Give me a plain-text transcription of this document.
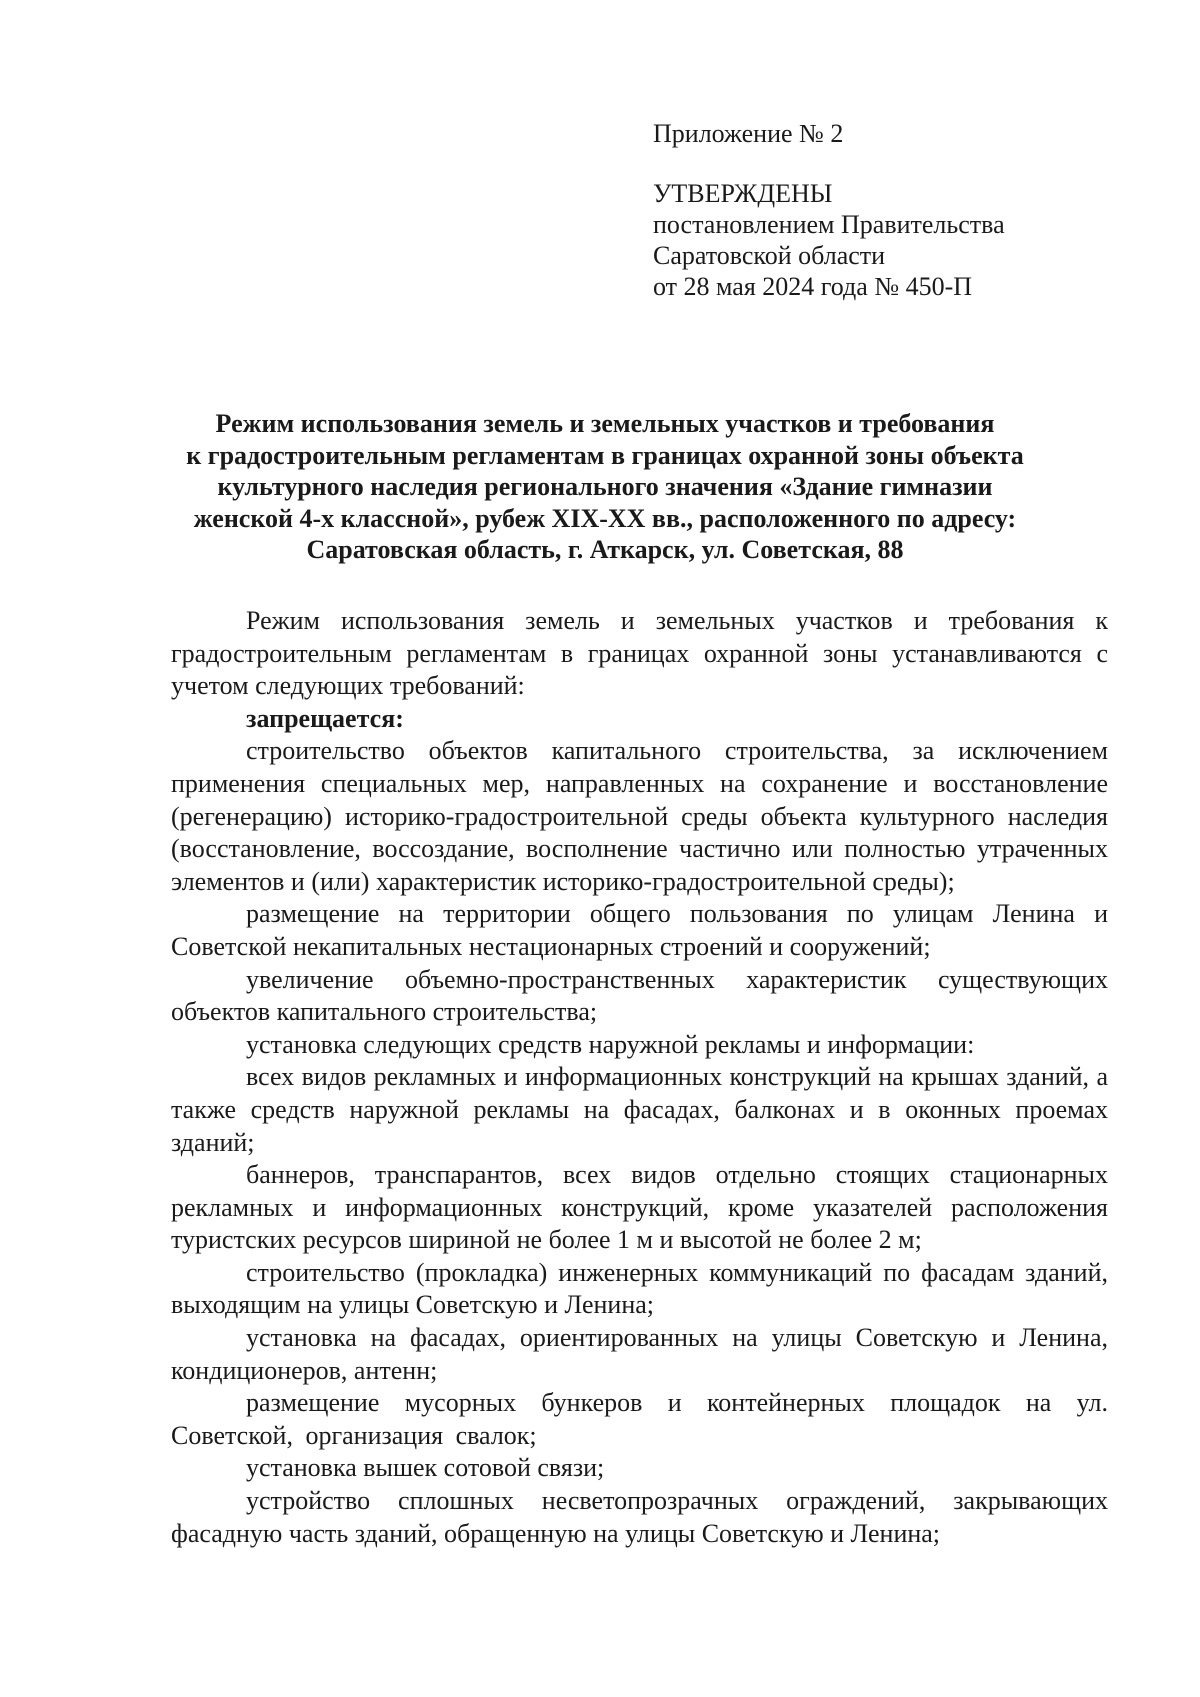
Приложение № 2
УТВЕРЖДЕНЫ
постановлением Правительства
Саратовской области
от 28 мая 2024 года № 450-П
Режим использования земель и земельных участков и требования
к градостроительным регламентам в границах охранной зоны объекта
культурного наследия регионального значения «Здание гимназии
женской 4-х классной», рубеж XIX-XX вв., расположенного по адресу:
Саратовская область, г. Аткарск, ул. Советская, 88

Режим использования земель и земельных участков и требования к градостроительным регламентам в границах охранной зоны устанавливаются с учетом следующих требований:

запрещается:

строительство объектов капитального строительства, за исключением применения специальных мер, направленных на сохранение и восстановление (регенерацию) историко-градостроительной среды объекта культурного наследия (восстановление, воссоздание, восполнение частично или полностью утраченных элементов и (или) характеристик историко-градостроительной среды);

размещение на территории общего пользования по улицам Ленина и Советской некапитальных нестационарных строений и сооружений;

увеличение объемно-пространственных характеристик существующих объектов капитального строительства;

установка следующих средств наружной рекламы и информации:

всех видов рекламных и информационных конструкций на крышах зданий, а также средств наружной рекламы на фасадах, балконах и в оконных проемах зданий;

баннеров, транспарантов, всех видов отдельно стоящих стационарных рекламных и информационных конструкций, кроме указателей расположения туристских ресурсов шириной не более 1 м и высотой не более 2 м;

строительство (прокладка) инженерных коммуникаций по фасадам зданий, выходящим на улицы Советскую и Ленина;

установка на фасадах, ориентированных на улицы Советскую и Ленина, кондиционеров, антенн;

размещение мусорных бункеров и контейнерных площадок на ул. Советской, организация свалок;

установка вышек сотовой связи;

устройство сплошных несветопрозрачных ограждений, закрывающих фасадную часть зданий, обращенную на улицы Советскую и Ленина;
